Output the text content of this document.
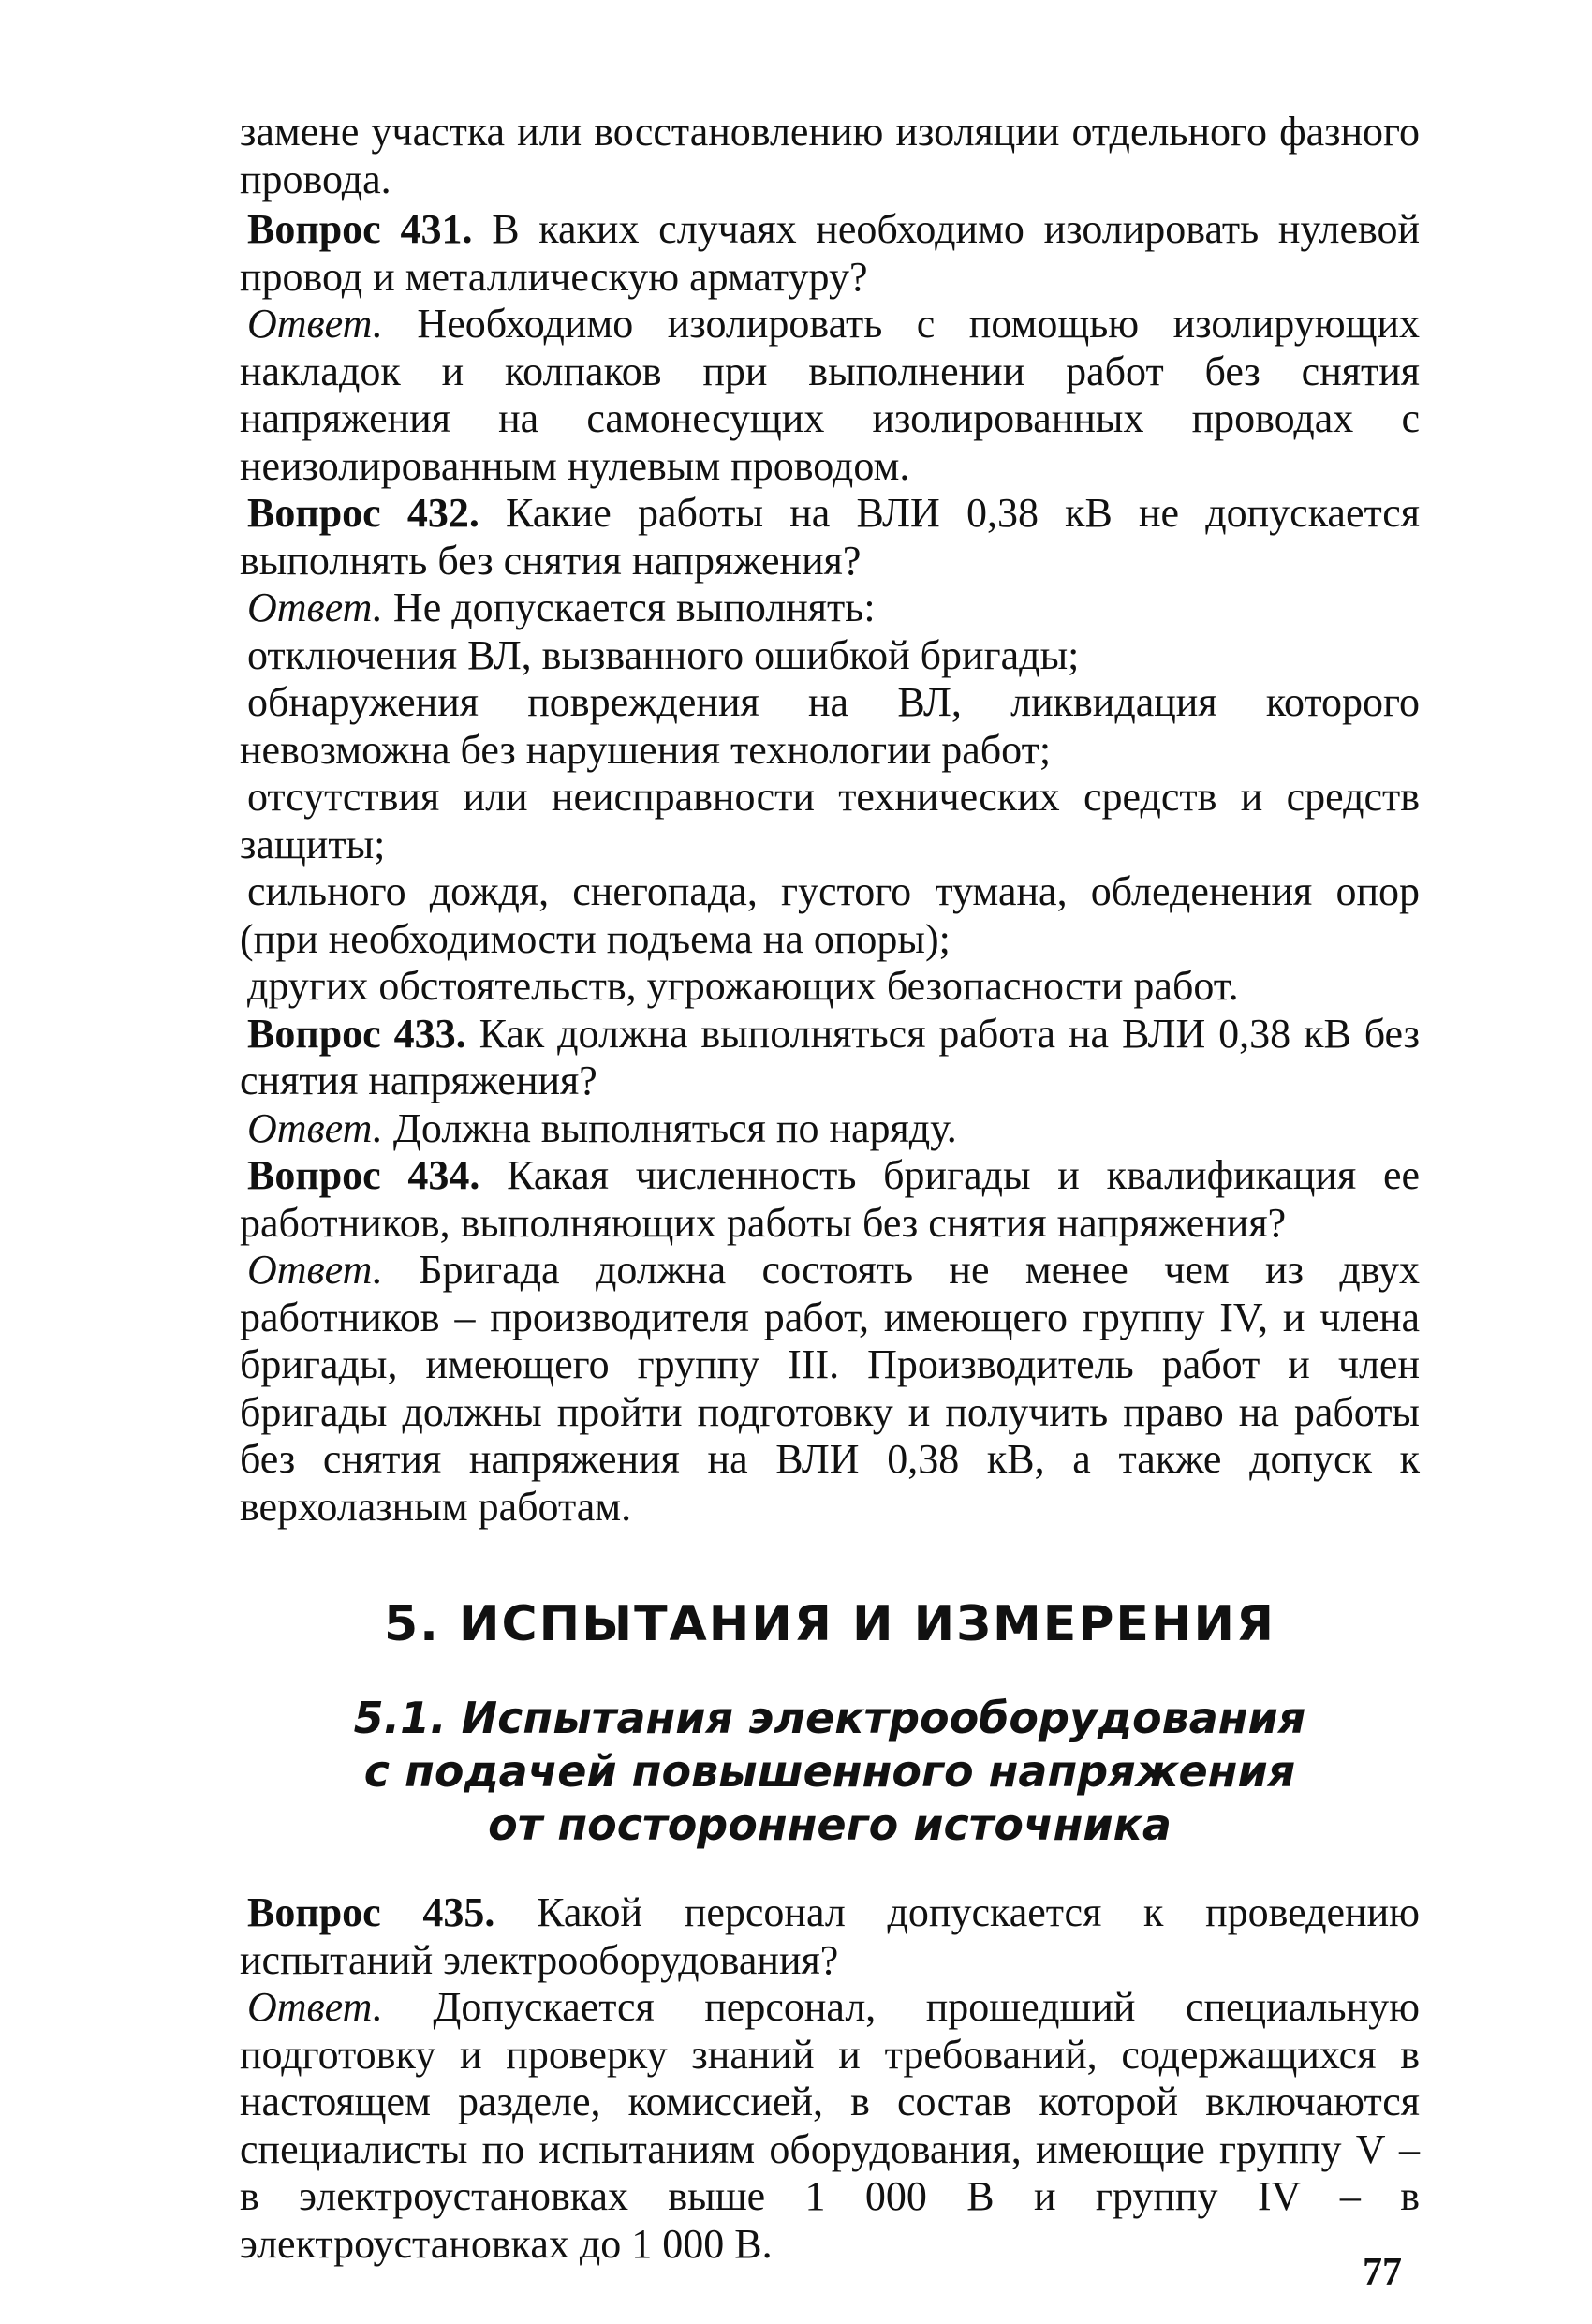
замене участка или восстановлению изоляции отдельного фазного провода.

Вопрос 431. В каких случаях необходимо изолировать нулевой провод и металлическую арматуру?

Ответ. Необходимо изолировать с помощью изолирующих накладок и колпаков при выполнении работ без снятия напряжения на самонесущих изолированных проводах с неизолированным нулевым проводом.

Вопрос 432. Какие работы на ВЛИ 0,38 кВ не допускается выполнять без снятия напряжения?

Ответ. Не допускается выполнять:

отключения ВЛ, вызванного ошибкой бригады;

обнаружения повреждения на ВЛ, ликвидация которого невозможна без нарушения технологии работ;

отсутствия или неисправности технических средств и средств защиты;

сильного дождя, снегопада, густого тумана, обледенения опор (при необходимости подъема на опоры);

других обстоятельств, угрожающих безопасности работ.

Вопрос 433. Как должна выполняться работа на ВЛИ 0,38 кВ без снятия напряжения?

Ответ. Должна выполняться по наряду.

Вопрос 434. Какая численность бригады и квалификация ее работников, выполняющих работы без снятия напряжения?

Ответ. Бригада должна состоять не менее чем из двух работников – производителя работ, имеющего группу IV, и члена бригады, имеющего группу III. Производитель работ и член бригады должны пройти подготовку и получить право на работы без снятия напряжения на ВЛИ 0,38 кВ, а также допуск к верхолазным работам.

5. ИСПЫТАНИЯ И ИЗМЕРЕНИЯ
5.1. Испытания электрооборудования
с подачей повышенного напряжения
от постороннего источника

Вопрос 435. Какой персонал допускается к проведению испытаний электрооборудования?

Ответ. Допускается персонал, прошедший специальную подготовку и проверку знаний и требований, содержащихся в настоящем разделе, комиссией, в состав которой включаются специалисты по испытаниям оборудования, имеющие группу V – в электроустановках выше 1 000 В и группу IV – в электроустановках до 1 000 В.

77
